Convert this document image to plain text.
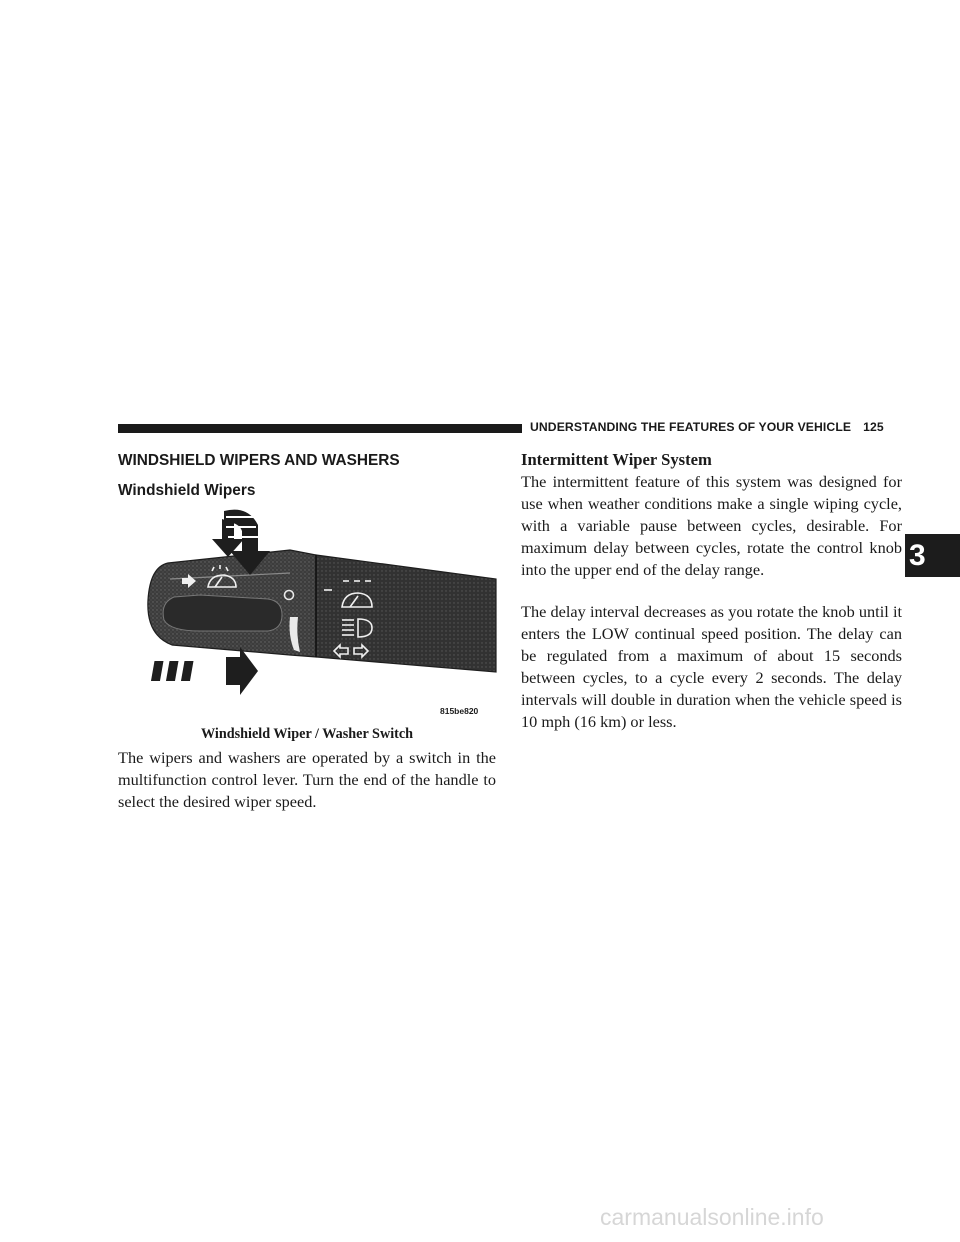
UNDERSTANDING THE FEATURES OF YOUR VEHICLE 125
3
WINDSHIELD WIPERS AND WASHERS
Windshield Wipers
815be820
Windshield Wiper / Washer Switch

The wipers and washers are operated by a switch in the multifunction control lever. Turn the end of the handle to select the desired wiper speed.

Intermittent Wiper System

The intermittent feature of this system was designed for use when weather conditions make a single wiping cycle, with a variable pause between cycles, desirable. For maximum delay between cycles, rotate the control knob into the upper end of the delay range.

The delay interval decreases as you rotate the knob until it enters the LOW continual speed position. The delay can be regulated from a maximum of about 15 seconds between cycles, to a cycle every 2 seconds. The delay intervals will double in duration when the vehicle speed is 10 mph (16 km) or less.

carmanualsonline.info
